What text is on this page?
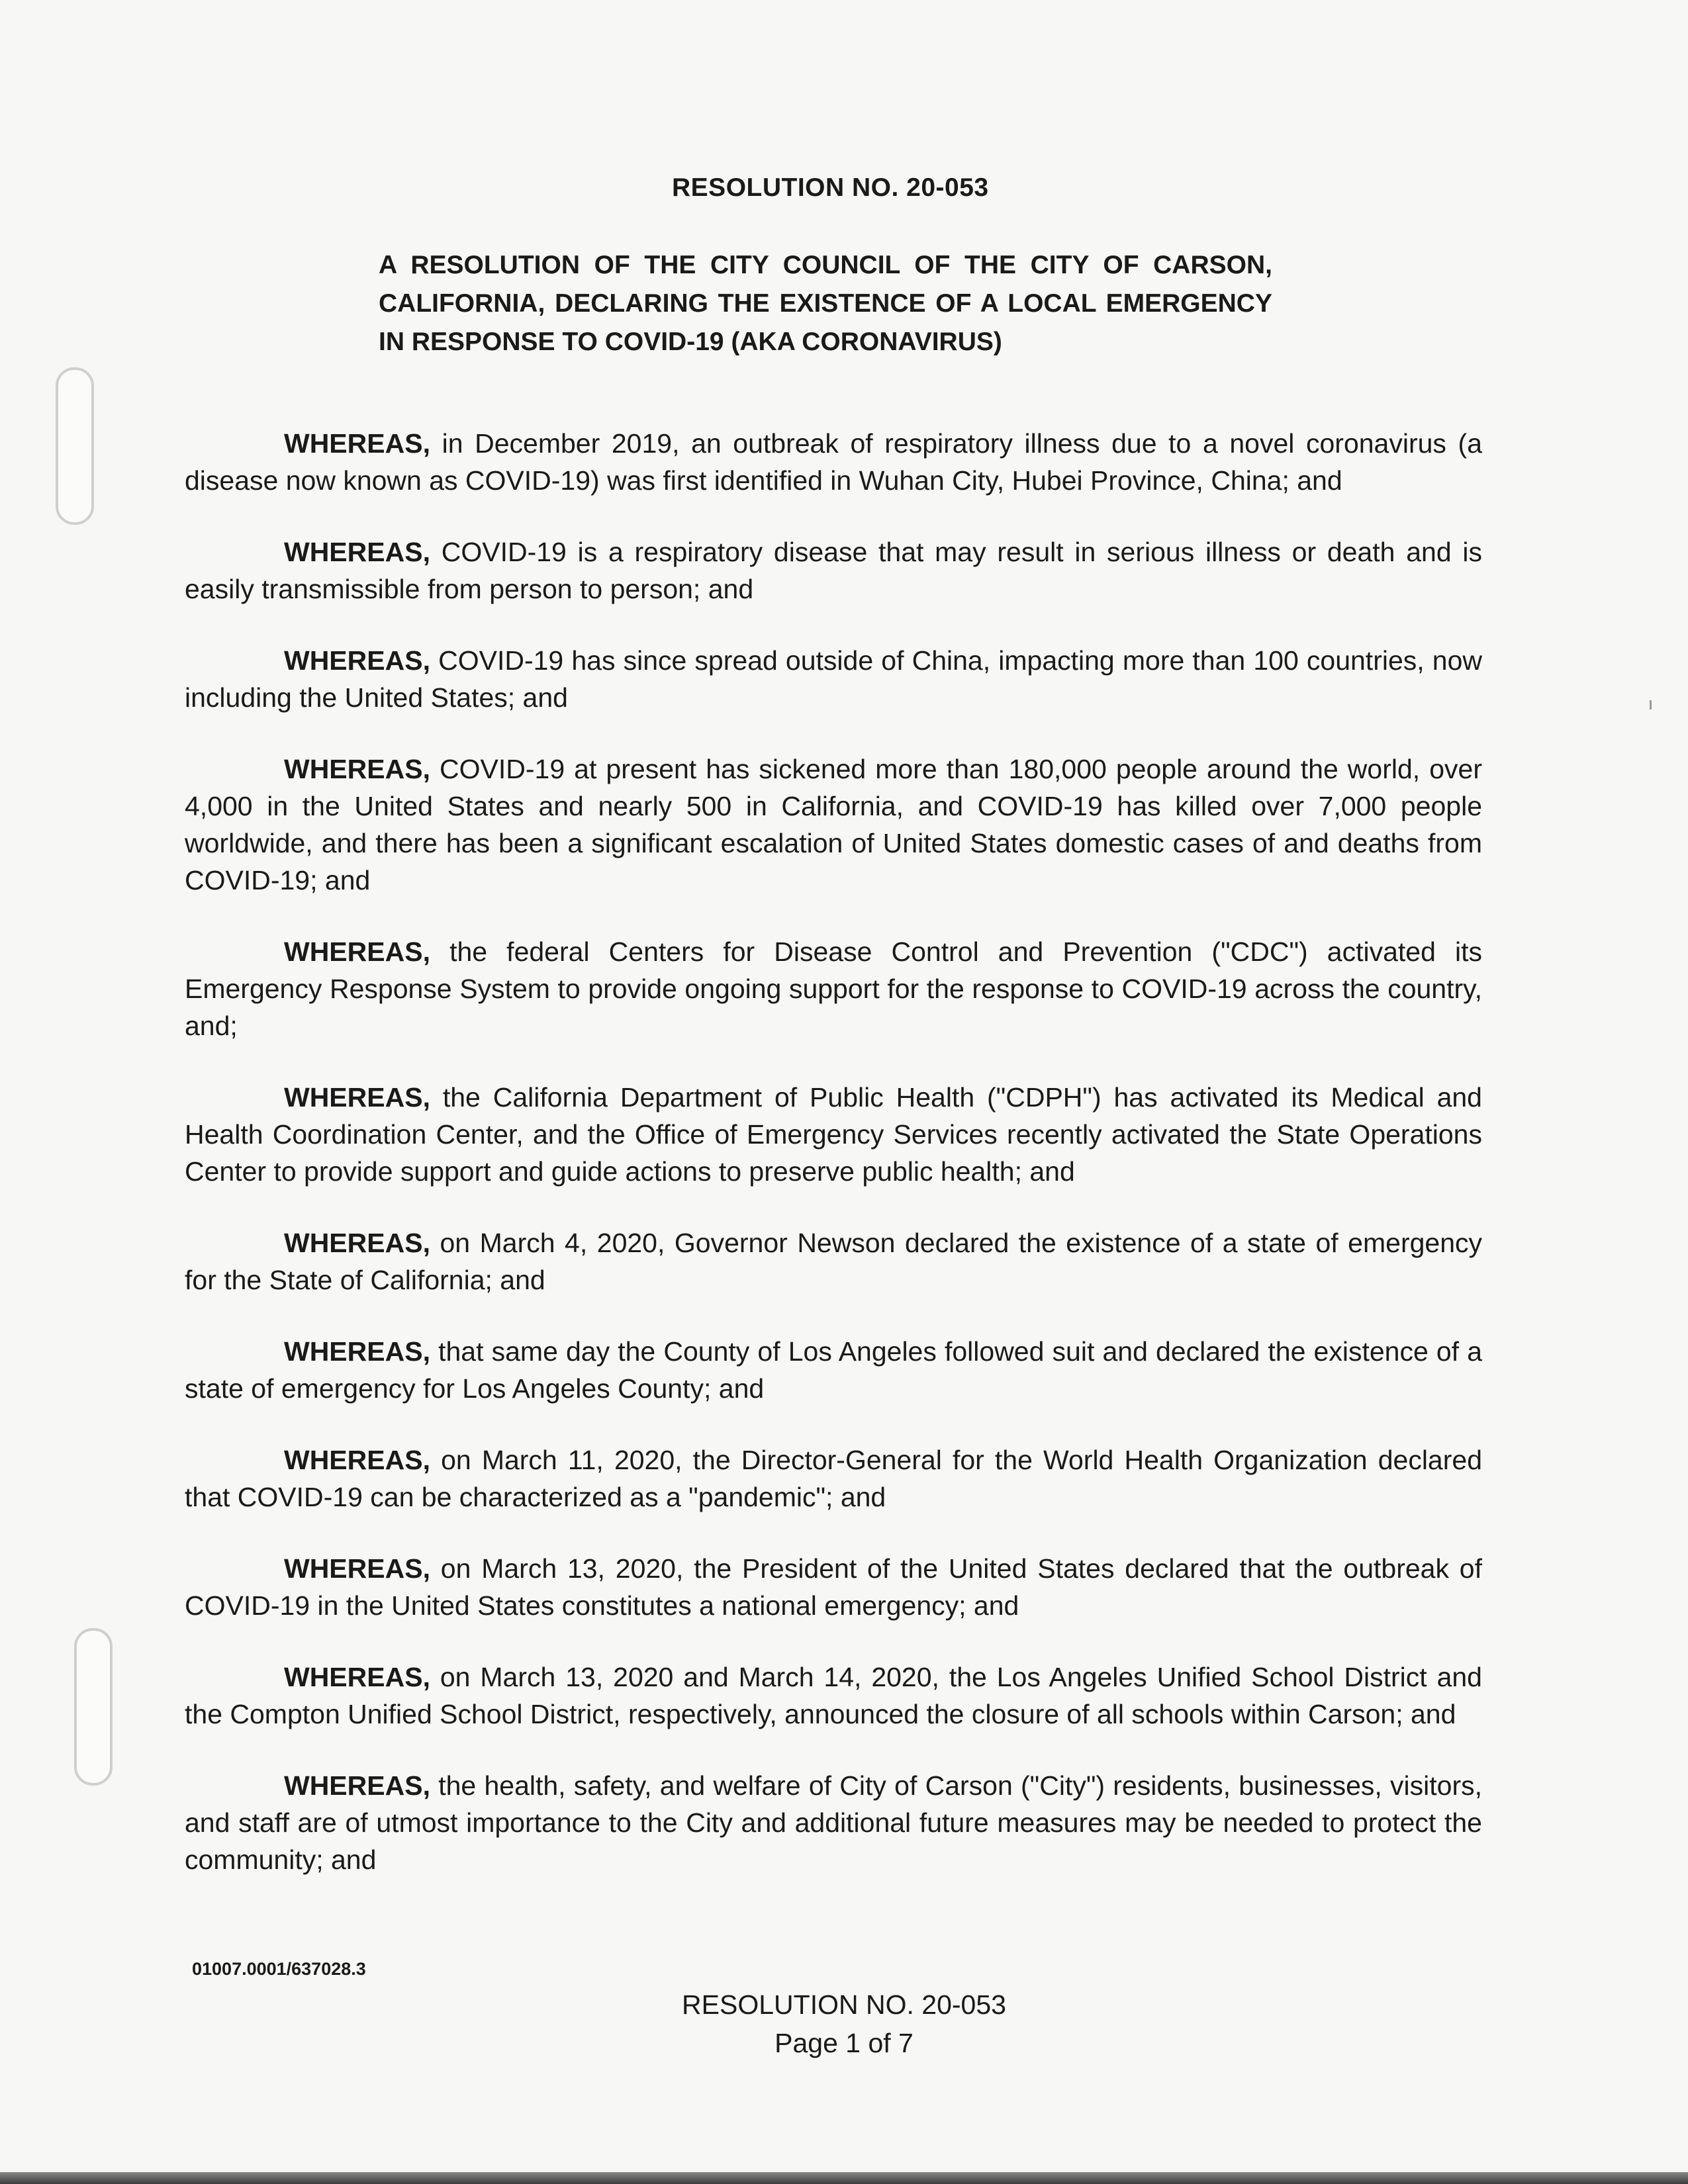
RESOLUTION NO. 20-053
A RESOLUTION OF THE CITY COUNCIL OF THE CITY OF CARSON, CALIFORNIA, DECLARING THE EXISTENCE OF A LOCAL EMERGENCY IN RESPONSE TO COVID-19 (AKA CORONAVIRUS)

WHEREAS, in December 2019, an outbreak of respiratory illness due to a novel coronavirus (a disease now known as COVID-19) was first identified in Wuhan City, Hubei Province, China; and

WHEREAS, COVID-19 is a respiratory disease that may result in serious illness or death and is easily transmissible from person to person; and

WHEREAS, COVID-19 has since spread outside of China, impacting more than 100 countries, now including the United States; and

WHEREAS, COVID-19 at present has sickened more than 180,000 people around the world, over 4,000 in the United States and nearly 500 in California, and COVID-19 has killed over 7,000 people worldwide, and there has been a significant escalation of United States domestic cases of and deaths from COVID-19; and

WHEREAS, the federal Centers for Disease Control and Prevention ("CDC") activated its Emergency Response System to provide ongoing support for the response to COVID-19 across the country, and;

WHEREAS, the California Department of Public Health ("CDPH") has activated its Medical and Health Coordination Center, and the Office of Emergency Services recently activated the State Operations Center to provide support and guide actions to preserve public health; and

WHEREAS, on March 4, 2020, Governor Newson declared the existence of a state of emergency for the State of California; and

WHEREAS, that same day the County of Los Angeles followed suit and declared the existence of a state of emergency for Los Angeles County; and

WHEREAS, on March 11, 2020, the Director-General for the World Health Organization declared that COVID-19 can be characterized as a "pandemic"; and

WHEREAS, on March 13, 2020, the President of the United States declared that the outbreak of COVID-19 in the United States constitutes a national emergency; and

WHEREAS, on March 13, 2020 and March 14, 2020, the Los Angeles Unified School District and the Compton Unified School District, respectively, announced the closure of all schools within Carson; and

WHEREAS, the health, safety, and welfare of City of Carson ("City") residents, businesses, visitors, and staff are of utmost importance to the City and additional future measures may be needed to protect the community; and

01007.0001/637028.3
RESOLUTION NO. 20-053
Page 1 of 7
